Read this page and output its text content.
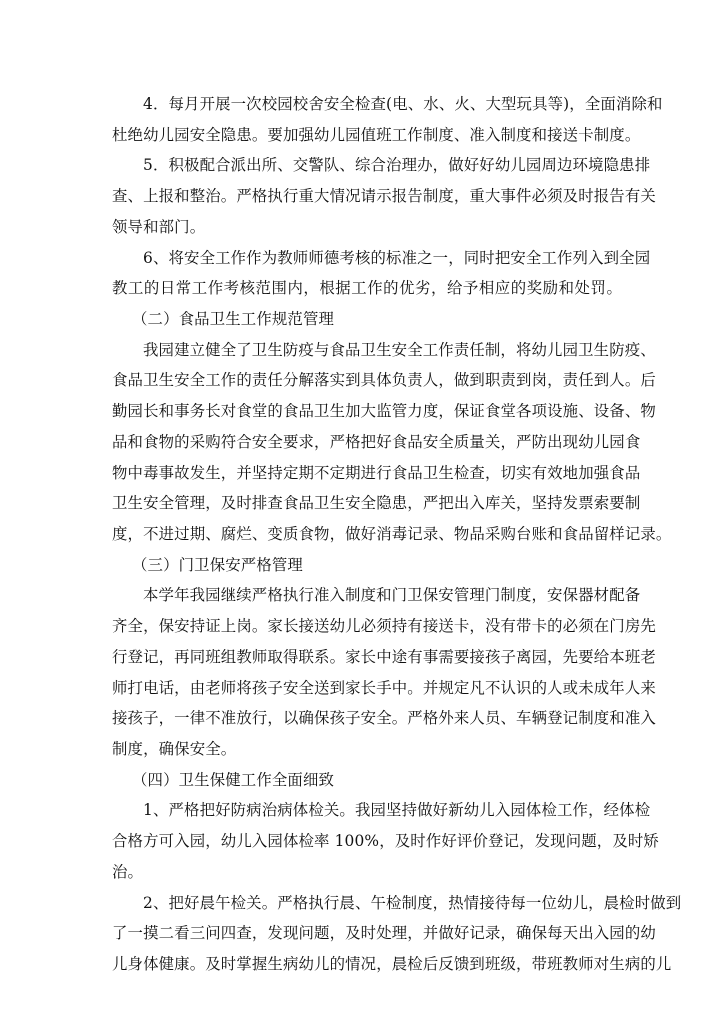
4．每月开展一次校园校舍安全检查(电、水、火、大型玩具等)，全面消除和
杜绝幼儿园安全隐患。要加强幼儿园值班工作制度、准入制度和接送卡制度。
5．积极配合派出所、交警队、综合治理办，做好好幼儿园周边环境隐患排
查、上报和整治。严格执行重大情况请示报告制度，重大事件必须及时报告有关
领导和部门。
6、将安全工作作为教师师德考核的标准之一，同时把安全工作列入到全园
教工的日常工作考核范围内，根据工作的优劣，给予相应的奖励和处罚。
（二）食品卫生工作规范管理
我园建立健全了卫生防疫与食品卫生安全工作责任制，将幼儿园卫生防疫、
食品卫生安全工作的责任分解落实到具体负责人，做到职责到岗，责任到人。后
勤园长和事务长对食堂的食品卫生加大监管力度，保证食堂各项设施、设备、物
品和食物的采购符合安全要求，严格把好食品安全质量关，严防出现幼儿园食
物中毒事故发生，并坚持定期不定期进行食品卫生检查，切实有效地加强食品
卫生安全管理，及时排查食品卫生安全隐患，严把出入库关，坚持发票索要制
度，不进过期、腐烂、变质食物，做好消毒记录、物品采购台账和食品留样记录。
（三）门卫保安严格管理
本学年我园继续严格执行准入制度和门卫保安管理门制度，安保器材配备
齐全，保安持证上岗。家长接送幼儿必须持有接送卡，没有带卡的必须在门房先
行登记，再同班组教师取得联系。家长中途有事需要接孩子离园，先要给本班老
师打电话，由老师将孩子安全送到家长手中。并规定凡不认识的人或未成年人来
接孩子，一律不准放行，以确保孩子安全。严格外来人员、车辆登记制度和准入
制度，确保安全。
（四）卫生保健工作全面细致
1、严格把好防病治病体检关。我园坚持做好新幼儿入园体检工作，经体检
合格方可入园，幼儿入园体检率 100%，及时作好评价登记，发现问题，及时矫
治。
2、把好晨午检关。严格执行晨、午检制度，热情接待每一位幼儿，晨检时做到
了一摸二看三问四查，发现问题，及时处理，并做好记录，确保每天出入园的幼
儿身体健康。及时掌握生病幼儿的情况，晨检后反馈到班级，带班教师对生病的儿
